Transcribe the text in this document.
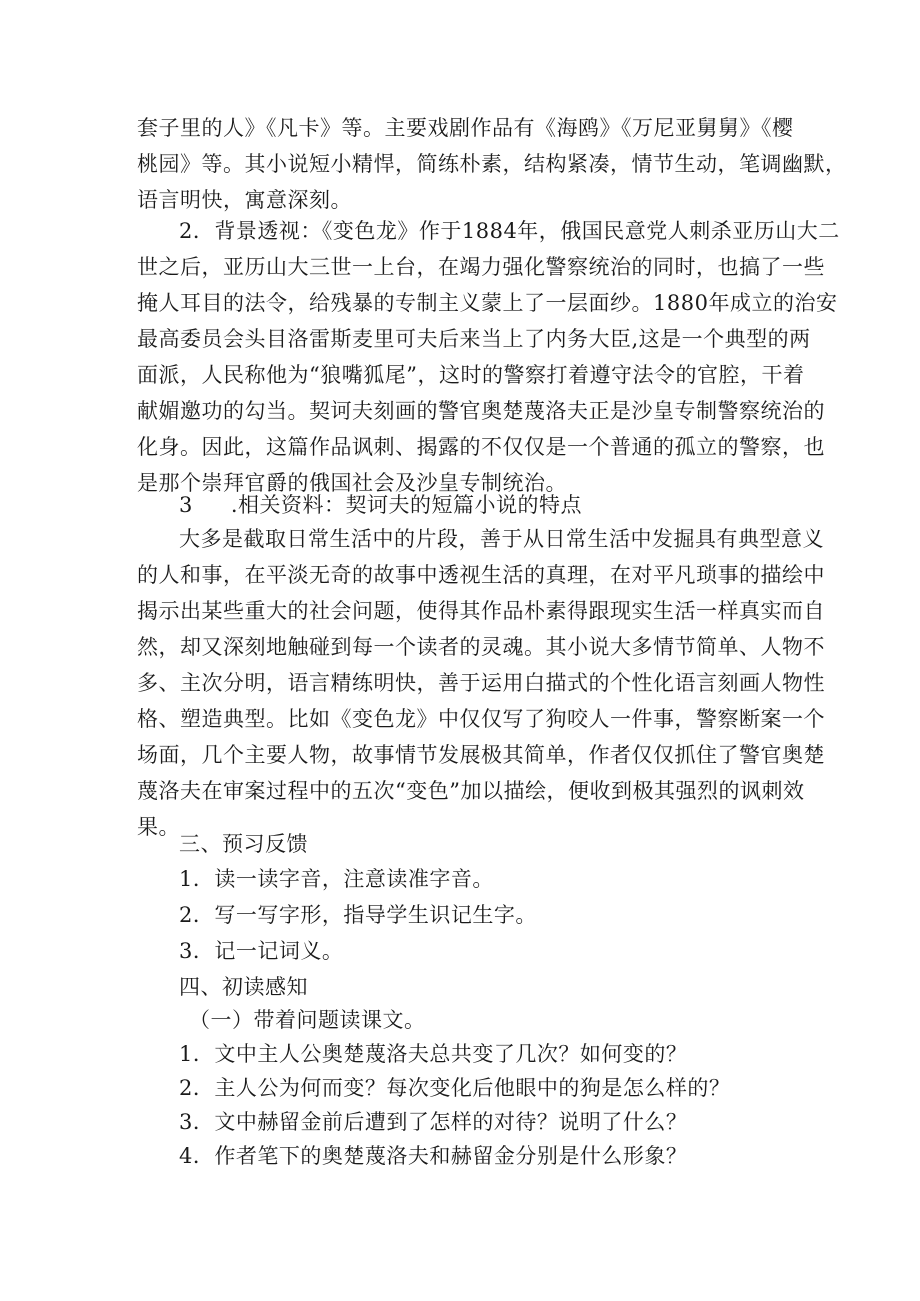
套子里的人》《凡卡》等。主要戏剧作品有《海鸥》《万尼亚舅舅》《樱
桃园》等。其小说短小精悍，简练朴素，结构紧凑，情节生动，笔调幽默，
语言明快，寓意深刻。
2．背景透视：《变色龙》作于1884年，俄国民意党人刺杀亚历山大二
世之后，亚历山大三世一上台，在竭力强化警察统治的同时，也搞了一些
掩人耳目的法令，给残暴的专制主义蒙上了一层面纱。1880年成立的治安
最高委员会头目洛雷斯麦里可夫后来当上了内务大臣,这是一个典型的两
面派，人民称他为“狼嘴狐尾”，这时的警察打着遵守法令的官腔，干着
献媚邀功的勾当。契诃夫刻画的警官奥楚蔑洛夫正是沙皇专制警察统治的
化身。因此，这篇作品讽刺、揭露的不仅仅是一个普通的孤立的警察，也
是那个崇拜官爵的俄国社会及沙皇专制统治。
3 .相关资料：契诃夫的短篇小说的特点
大多是截取日常生活中的片段，善于从日常生活中发掘具有典型意义
的人和事，在平淡无奇的故事中透视生活的真理，在对平凡琐事的描绘中
揭示出某些重大的社会问题，使得其作品朴素得跟现实生活一样真实而自
然，却又深刻地触碰到每一个读者的灵魂。其小说大多情节简单、人物不
多、主次分明，语言精练明快，善于运用白描式的个性化语言刻画人物性
格、塑造典型。比如《变色龙》中仅仅写了狗咬人一件事，警察断案一个
场面，几个主要人物，故事情节发展极其简单，作者仅仅抓住了警官奥楚
蔑洛夫在审案过程中的五次“变色”加以描绘，便收到极其强烈的讽刺效
果。
三、预习反馈
1．读一读字音，注意读准字音。
2．写一写字形，指导学生识记生字。
3．记一记词义。
四、初读感知
（一）带着问题读课文。
1．文中主人公奥楚蔑洛夫总共变了几次？如何变的？
2．主人公为何而变？每次变化后他眼中的狗是怎么样的？
3．文中赫留金前后遭到了怎样的对待？说明了什么？
4．作者笔下的奥楚蔑洛夫和赫留金分别是什么形象？
